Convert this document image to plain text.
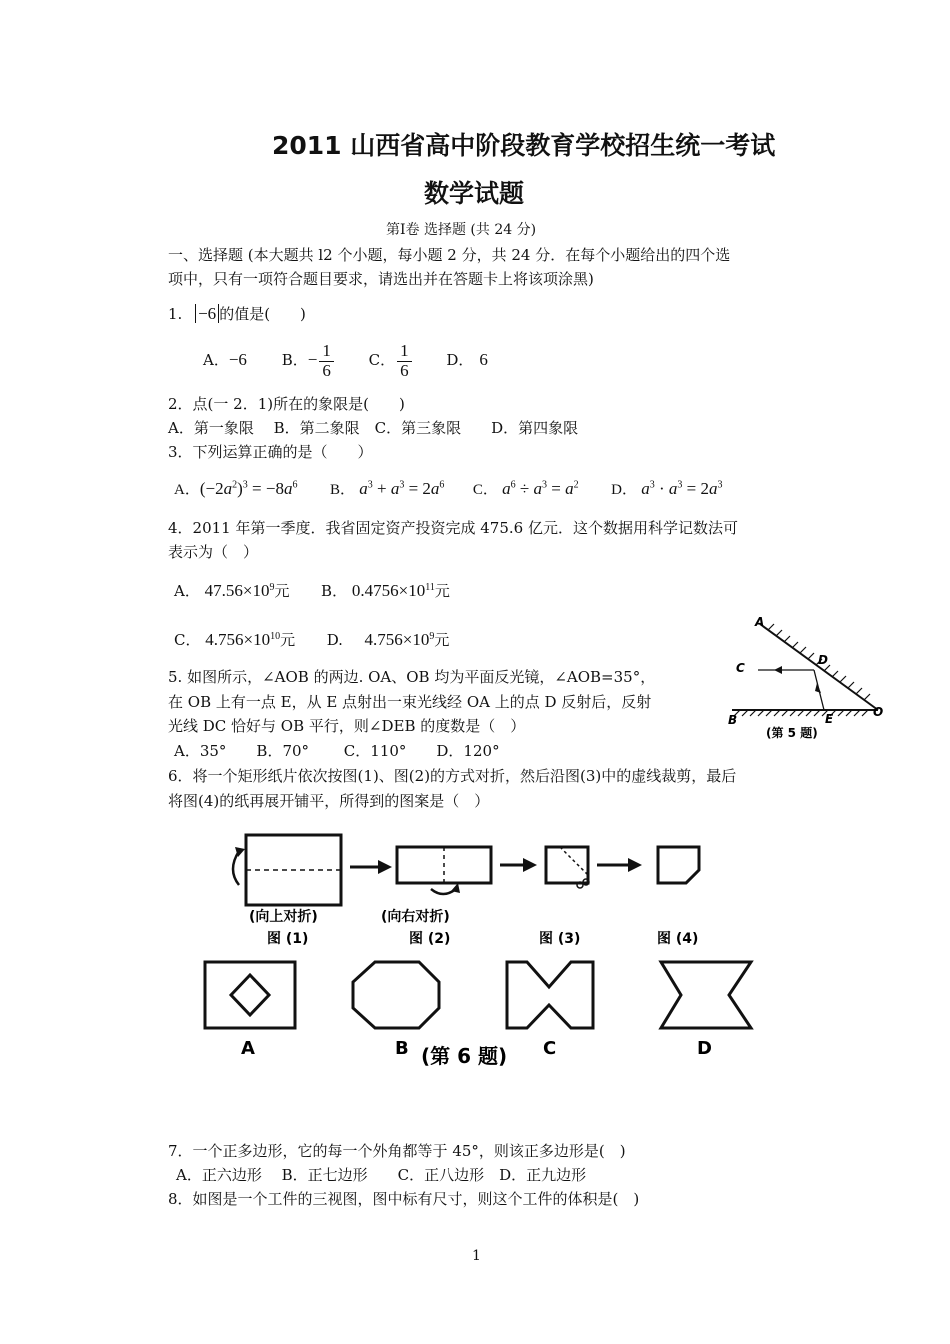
2011 山西省高中阶段教育学校招生统一考试
数学试题
第Ⅰ卷 选择题 (共 24 分)
一、选择题 (本大题共 l2 个小题，每小题 2 分，共 24 分．在每个小题给出的四个选
项中，只有一项符合题目要求，请选出并在答题卡上将该项涂黑)
1. −6 的值是(　　)
A．−6 B．− $\frac{1}{6}$ C． $\frac{1}{6}$ D． 6
2．点(一 2．1)所在的象限是(　　)
A．第一象限　 B．第二象限　C．第三象限　　D．第四象限
3．下列运算正确的是（　　）
A．$(-2a^2)^3 = -8a^6$ B． $a^3 + a^3 = 2a^6$ C． $a^6 \div a^3 = a^2$ D． $a^3 \cdot a^3 = 2a^3$
4．2011 年第一季度．我省固定资产投资完成 475.6 亿元．这个数据用科学记数法可
表示为（　）
A． $47.56\times 10^9$元 B． $0.4756\times 10^{11}$元
C． $4.756\times 10^{10}$元 D. $4.756\times 10^9$元
5. 如图所示，∠AOB 的两边. OA、OB 均为平面反光镜，∠AOB=35°，
在 OB 上有一点 E，从 E 点射出一束光线经 OA 上的点 D 反射后，反射
光线 DC 恰好与 OB 平行，则∠DEB 的度数是（　）
A．35°　　B．70°　　 C．110°　　D．120°
A
C
D
B	E	O
(第 5 题)
6．将一个矩形纸片依次按图(1)、图(2)的方式对折，然后沿图(3)中的虚线裁剪，最后
将图(4)的纸再展开铺平，所得到的图案是（　）
(向上对折)
图 (1)
(向右对折)
图 (2)	图 (3)	图 (4)
A	B (第 6 题) C	D
7．一个正多边形，它的每一个外角都等于 45°，则该正多边形是(　)
A．正六边形　 B．正七边形　　C．正八边形　D．正九边形
8．如图是一个工件的三视图，图中标有尺寸，则这个工件的体积是(　)
1
